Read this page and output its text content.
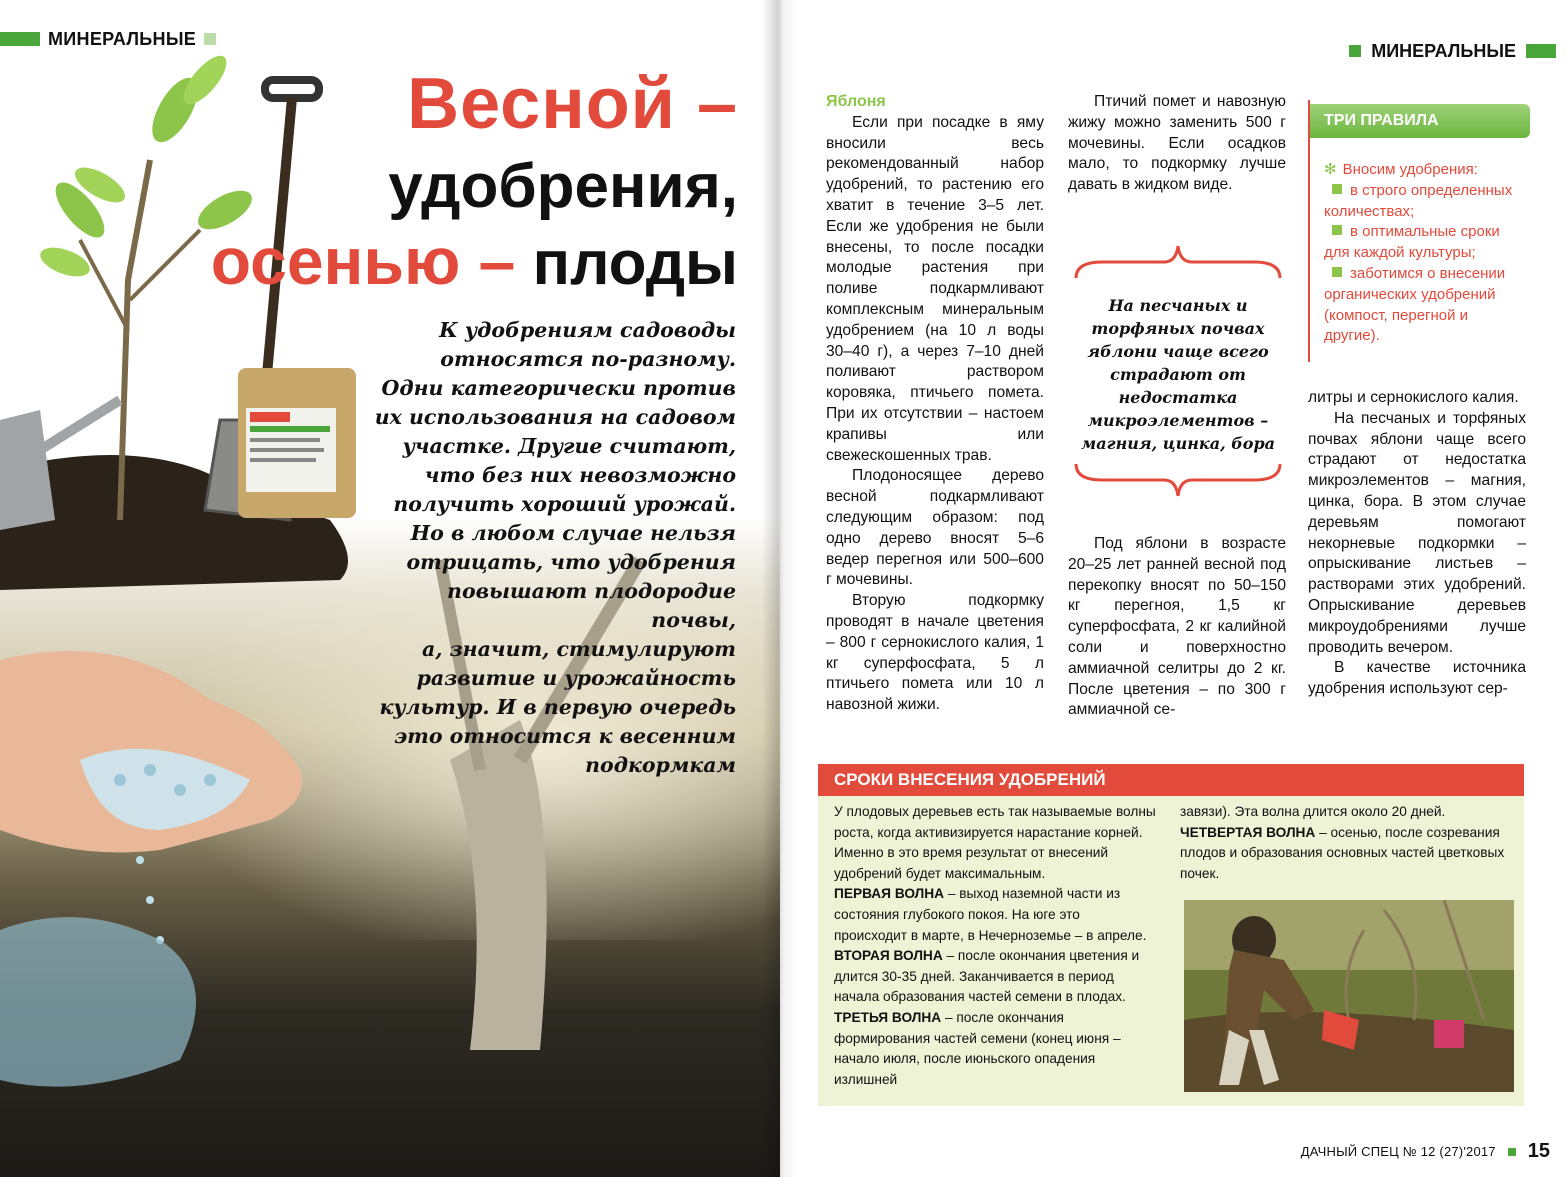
МИНЕРАЛЬНЫЕ
Весной –
удобрения,
осенью – плоды
К удобрениям садоводы
относятся по-разному.
Одни категорически против
их использования на садовом
участке. Другие считают,
что без них невозможно
получить хороший урожай.
Но в любом случае нельзя
отрицать, что удобрения
повышают плодородие почвы,
а, значит, стимулируют
развитие и урожайность
культур. И в первую очередь
это относится к весенним
подкормкам
МИНЕРАЛЬНЫЕ

Яблоня

Если при посадке в яму вносили весь рекомендованный набор удобрений, то растению его хватит в течение 3–5 лет. Если же удобрения не были внесены, то после посадки молодые растения при поливе подкармливают комплексным минеральным удобрением (на 10 л воды 30–40 г), а через 7–10 дней поливают раствором коровяка, птичьего помета. При их отсутствии – настоем крапивы или свежескошенных трав.

Плодоносящее дерево весной подкармливают следующим образом: под одно дерево вносят 5–6 ведер перегноя или 500–600 г мочевины.

Вторую подкормку проводят в начале цветения – 800 г сернокислого калия, 1 кг суперфосфата, 5 л птичьего помета или 10 л навозной жижи.

Птичий помет и навозную жижу можно заменить 500 г мочевины. Если осадков мало, то подкормку лучше давать в жидком виде.

На песчаных и торфяных почвах яблони чаще всего страдают от недостатка микроэлементов – магния, цинка, бора

Под яблони в возрасте 20–25 лет ранней весной под перекопку вносят по 50–150 кг перегноя, 1,5 кг суперфосфата, 2 кг калийной соли и поверхностно аммиачной селитры до 2 кг. После цветения – по 300 г аммиачной се-

ТРИ ПРАВИЛА
✻ Вносим удобрения:
в строго определенных количествах;
в оптимальные сроки для каждой культуры;
заботимся о внесении органических удобрений (компост, перегной и другие).

литры и сернокислого калия.

На песчаных и торфяных почвах яблони чаще всего страдают от недостатка микроэлементов – магния, цинка, бора. В этом случае деревьям помогают некорневые подкормки – опрыскивание листьев – растворами этих удобрений. Опрыскивание деревьев микроудобрениями лучше проводить вечером.

В качестве источника удобрения используют сер-

СРОКИ ВНЕСЕНИЯ УДОБРЕНИЙ

У плодовых деревьев есть так называемые волны роста, когда активизируется нарастание корней. Именно в это время результат от внесений удобрений будет максимальным.

ПЕРВАЯ ВОЛНА – выход наземной части из состояния глубокого покоя. На юге это происходит в марте, в Нечерноземье – в апреле.

ВТОРАЯ ВОЛНА – после окончания цветения и длится 30-35 дней. Заканчивается в период начала образования частей семени в плодах.

ТРЕТЬЯ ВОЛНА – после окончания формирования частей семени (конец июня – начало июля, после июньского опадения излишней

завязи). Эта волна длится около 20 дней.

ЧЕТВЕРТАЯ ВОЛНА – осенью, после созревания плодов и образования основных частей цветковых почек.

ДАЧНЫЙ СПЕЦ № 12 (27)'2017 15
